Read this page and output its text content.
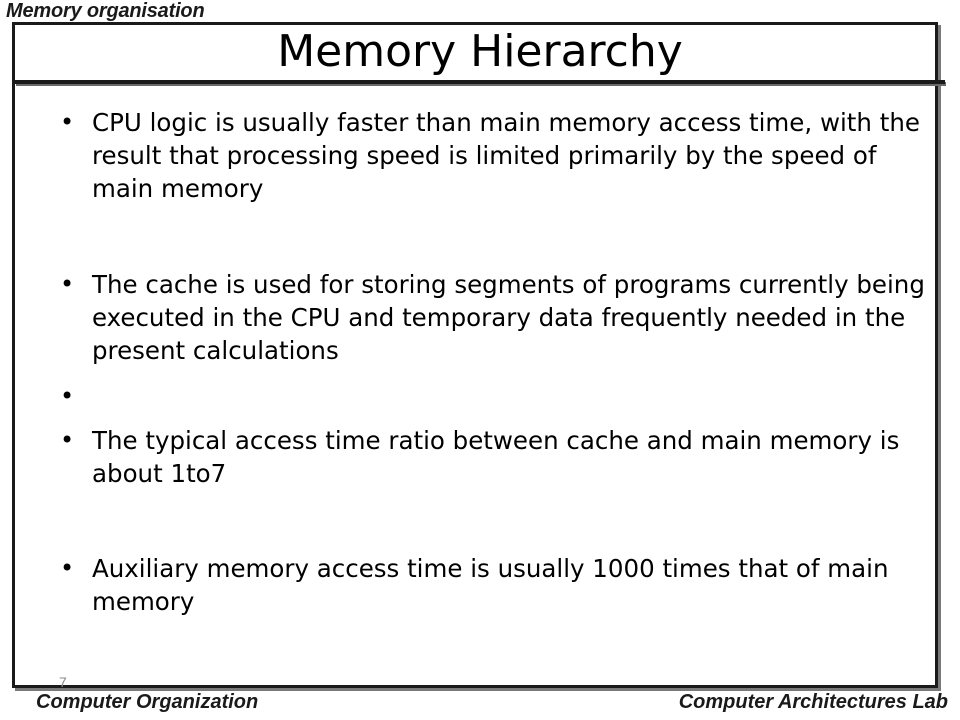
Memory organisation
Memory Hierarchy
• CPU logic is usually faster than main memory access time, with the result that processing speed is limited primarily by the speed of main memory
• The cache is used for storing segments of programs currently being executed in the CPU and temporary data frequently needed in the present calculations
•
• The typical access time ratio between cache and main memory is about 1to7
• Auxiliary memory access time is usually 1000 times that of main memory
7
Computer Organization	Computer Architectures Lab
